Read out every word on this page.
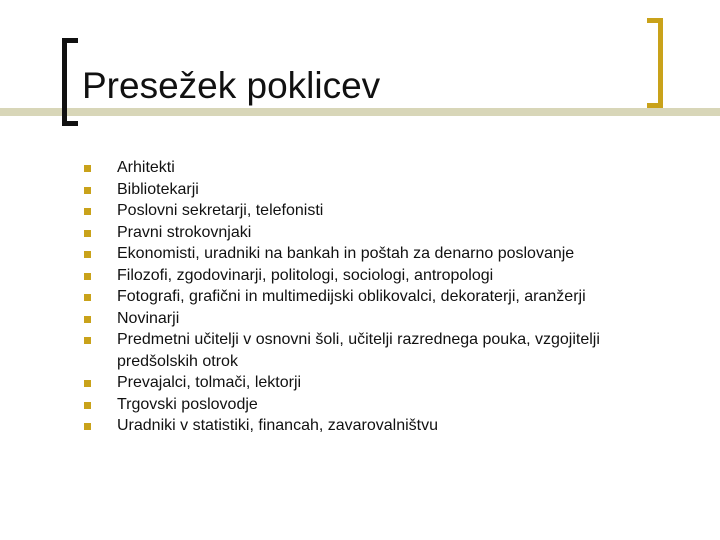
Presežek poklicev
Arhitekti
Bibliotekarji
Poslovni sekretarji, telefonisti
Pravni strokovnjaki
Ekonomisti, uradniki na bankah in poštah za denarno poslovanje
Filozofi, zgodovinarji, politologi, sociologi, antropologi
Fotografi, grafični in multimedijski oblikovalci, dekoraterji, aranžerji
Novinarji
Predmetni učitelji v osnovni šoli, učitelji razrednega pouka, vzgojitelji predšolskih otrok
Prevajalci, tolmači, lektorji
Trgovski poslovodje
Uradniki v statistiki, financah, zavarovalništvu
